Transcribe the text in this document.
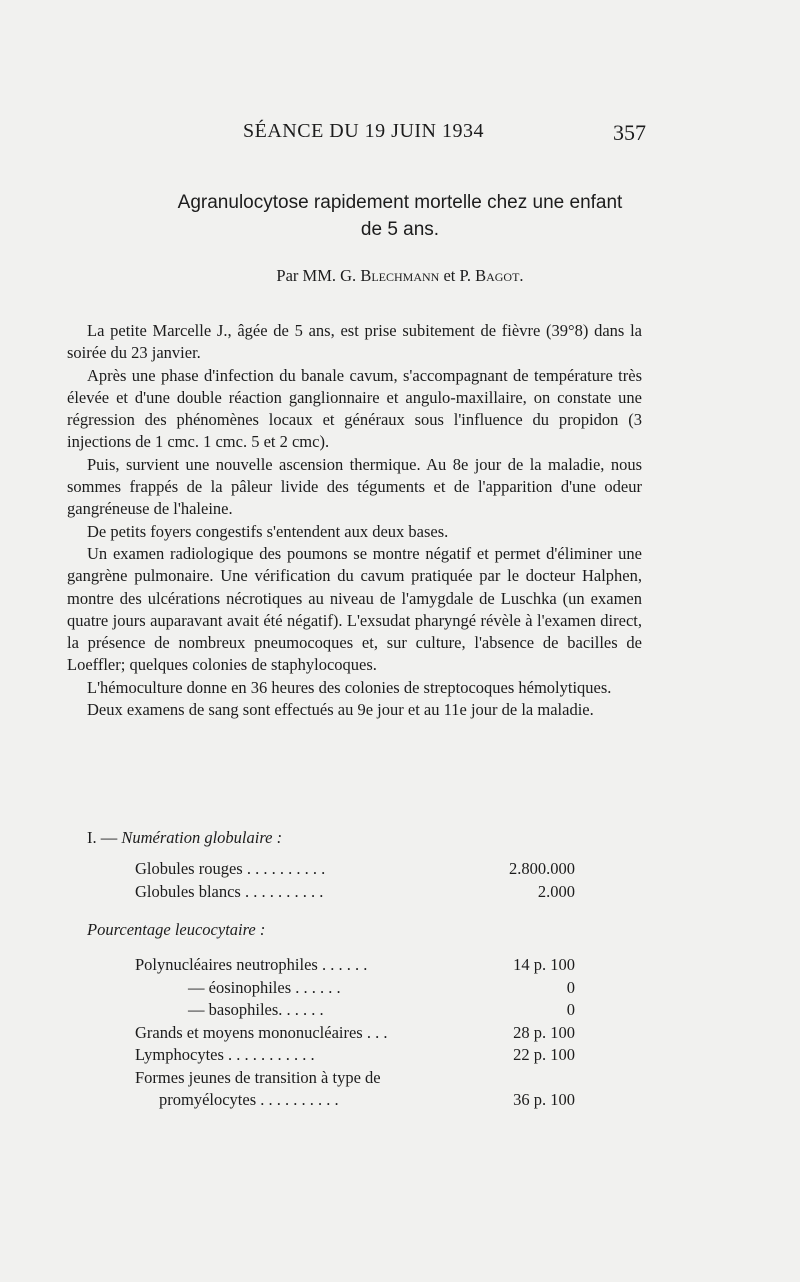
SÉANCE DU 19 JUIN 1934	357
Agranulocytose rapidement mortelle chez une enfant
de 5 ans.
Par MM. G. Blechmann et P. Bagot.

La petite Marcelle J., âgée de 5 ans, est prise subitement de fièvre (39°8) dans la soirée du 23 janvier.

Après une phase d'infection du banale cavum, s'accompagnant de température très élevée et d'une double réaction ganglionnaire et angulo-maxillaire, on constate une régression des phénomènes locaux et généraux sous l'influence du propidon (3 injections de 1 cmc. 1 cmc. 5 et 2 cmc).

Puis, survient une nouvelle ascension thermique. Au 8e jour de la maladie, nous sommes frappés de la pâleur livide des téguments et de l'apparition d'une odeur gangréneuse de l'haleine.

De petits foyers congestifs s'entendent aux deux bases.

Un examen radiologique des poumons se montre négatif et permet d'éliminer une gangrène pulmonaire. Une vérification du cavum pratiquée par le docteur Halphen, montre des ulcérations nécrotiques au niveau de l'amygdale de Luschka (un examen quatre jours auparavant avait été négatif). L'exsudat pharyngé révèle à l'examen direct, la présence de nombreux pneumocoques et, sur culture, l'absence de bacilles de Loeffler; quelques colonies de staphylocoques.

L'hémoculture donne en 36 heures des colonies de streptocoques hémolytiques.

Deux examens de sang sont effectués au 9e jour et au 11e jour de la maladie.

I. — Numération globulaire :
Globules rouges . . . . . . . . . .	2.800.000
Globules blancs . . . . . . . . . .	2.000
Pourcentage leucocytaire :
Polynucléaires neutrophiles . . . . . .	14 p. 100
— éosinophiles . . . . . .	0
— basophiles. . . . . .	0
Grands et moyens mononucléaires . . .	28 p. 100
Lymphocytes . . . . . . . . . . .	22 p. 100
Formes jeunes de transition à type de
promyélocytes . . . . . . . . . .	36 p. 100
